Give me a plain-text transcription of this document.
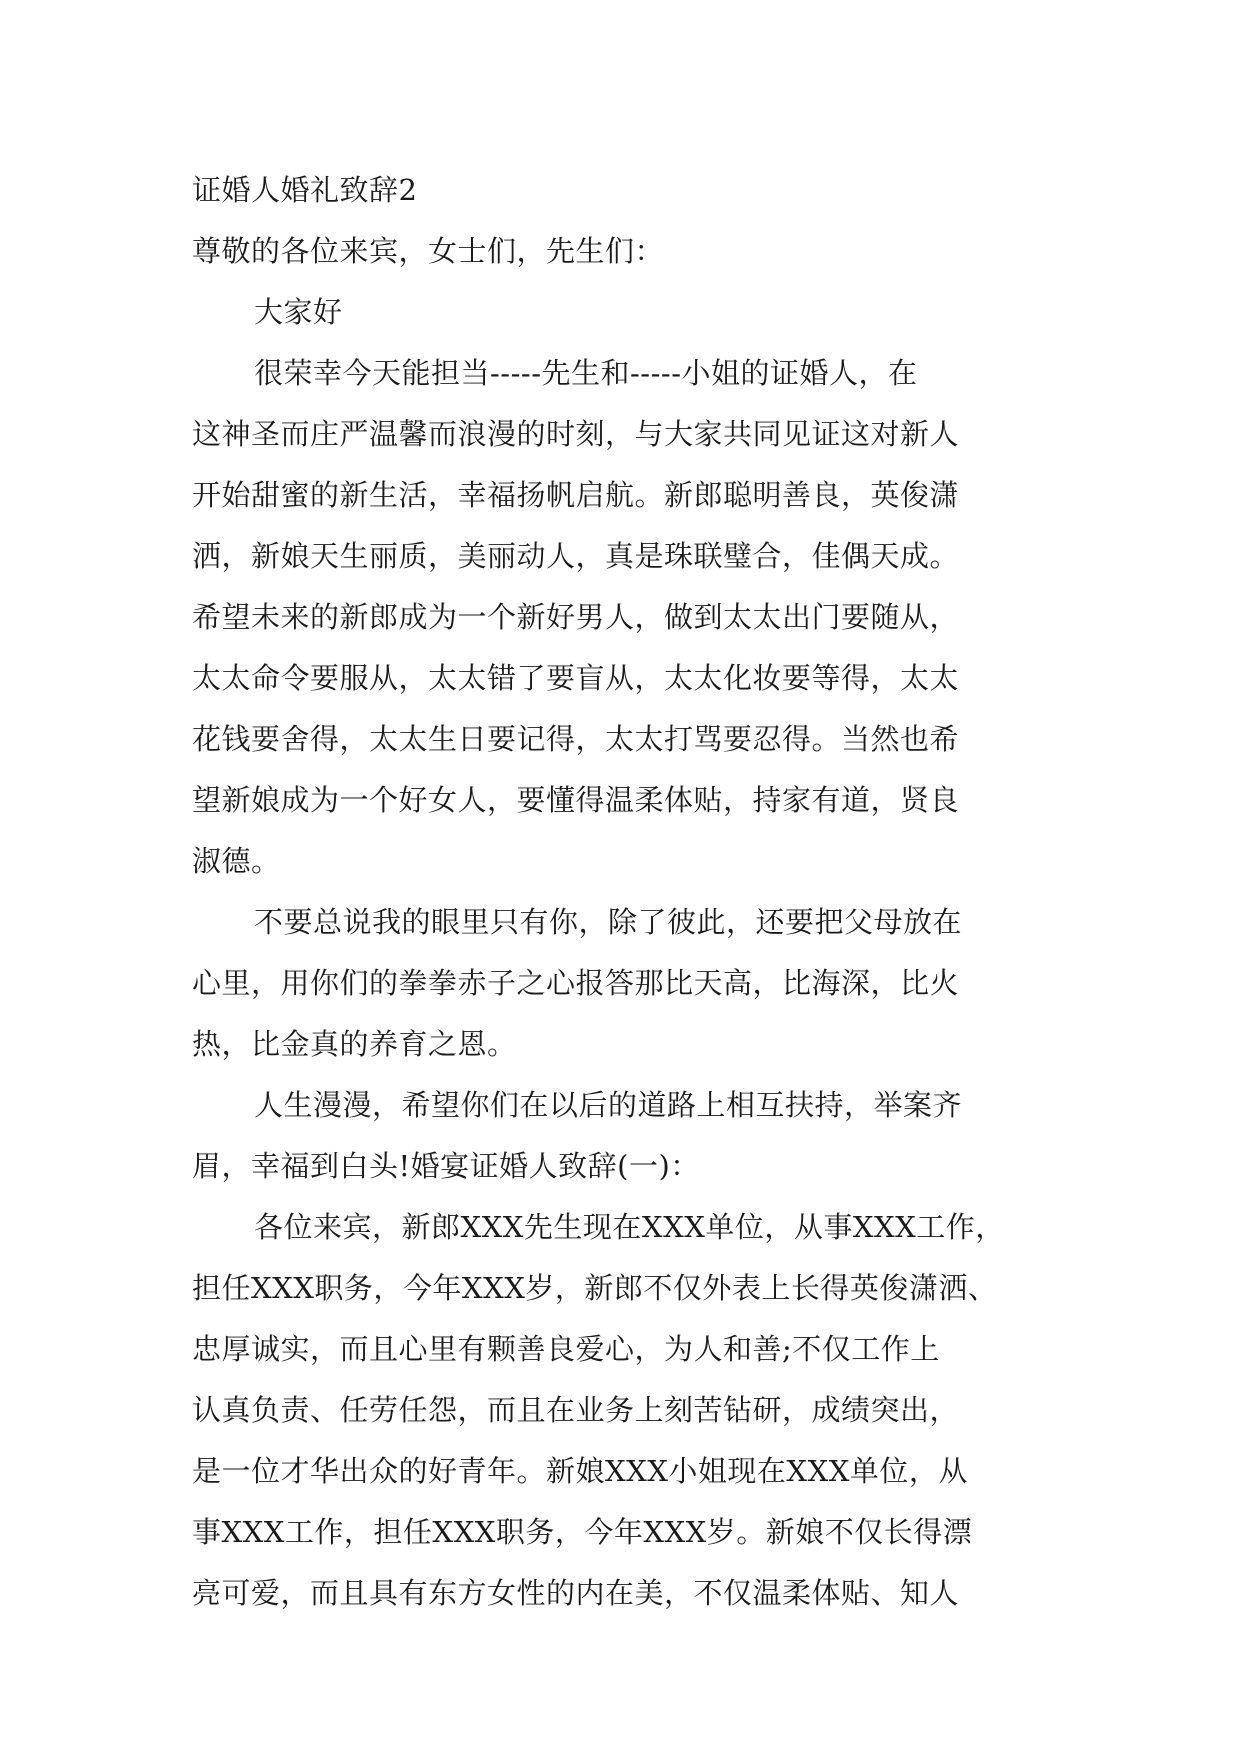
证婚人婚礼致辞2
尊敬的各位来宾，女士们，先生们：
大家好
很荣幸今天能担当-----先生和-----小姐的证婚人，在
这神圣而庄严温馨而浪漫的时刻，与大家共同见证这对新人
开始甜蜜的新生活，幸福扬帆启航。新郎聪明善良，英俊潇
洒，新娘天生丽质，美丽动人，真是珠联璧合，佳偶天成。
希望未来的新郎成为一个新好男人，做到太太出门要随从，
太太命令要服从，太太错了要盲从，太太化妆要等得，太太
花钱要舍得，太太生日要记得，太太打骂要忍得。当然也希
望新娘成为一个好女人，要懂得温柔体贴，持家有道，贤良
淑德。
不要总说我的眼里只有你，除了彼此，还要把父母放在
心里，用你们的拳拳赤子之心报答那比天高，比海深，比火
热，比金真的养育之恩。
人生漫漫，希望你们在以后的道路上相互扶持，举案齐
眉，幸福到白头!婚宴证婚人致辞(一)：
各位来宾，新郎XXX先生现在XXX单位，从事XXX工作，
担任XXX职务，今年XXX岁，新郎不仅外表上长得英俊潇洒、
忠厚诚实，而且心里有颗善良爱心，为人和善;不仅工作上
认真负责、任劳任怨，而且在业务上刻苦钻研，成绩突出，
是一位才华出众的好青年。新娘XXX小姐现在XXX单位，从
事XXX工作，担任XXX职务，今年XXX岁。新娘不仅长得漂
亮可爱，而且具有东方女性的内在美，不仅温柔体贴、知人
